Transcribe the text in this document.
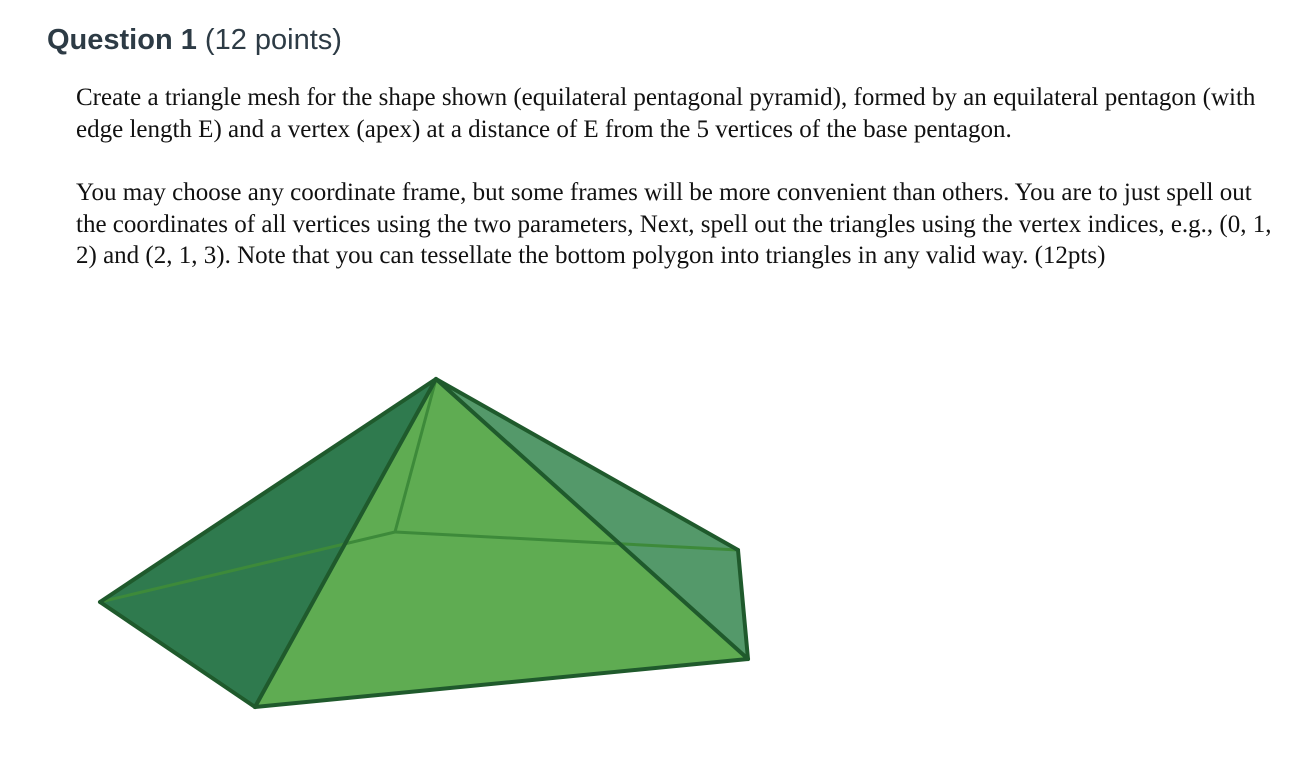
Question 1 (12 points)

Create a triangle mesh for the shape shown (equilateral pentagonal pyramid), formed by an equilateral pentagon (with edge length E) and a vertex (apex) at a distance of E from the 5 vertices of the base pentagon.

You may choose any coordinate frame, but some frames will be more convenient than others. You are to just spell out the coordinates of all vertices using the two parameters, Next, spell out the triangles using the vertex indices, e.g., (0, 1, 2) and (2, 1, 3). Note that you can tessellate the bottom polygon into triangles in any valid way. (12pts)
